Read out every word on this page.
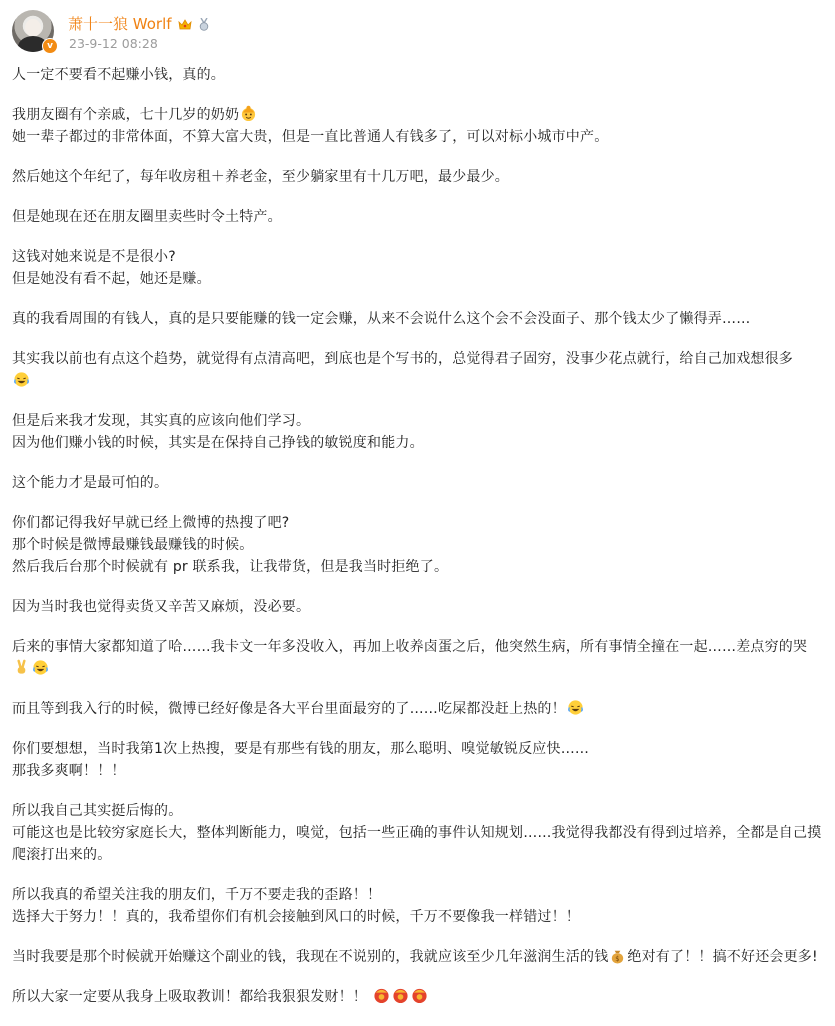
v
萧十一狼 Worlf
23-9-12 08:28
人一定不要看不起赚小钱，真的。
我朋友圈有个亲戚，七十几岁的奶奶
她一辈子都过的非常体面，不算大富大贵，但是一直比普通人有钱多了，可以对标小城市中产。
然后她这个年纪了，每年收房租＋养老金，至少躺家里有十几万吧，最少最少。
但是她现在还在朋友圈里卖些时令土特产。
这钱对她来说是不是很小?
但是她没有看不起，她还是赚。
真的我看周围的有钱人，真的是只要能赚的钱一定会赚，从来不会说什么这个会不会没面子、那个钱太少了懒得弄……
其实我以前也有点这个趋势，就觉得有点清高吧，到底也是个写书的，总觉得君子固穷，没事少花点就行，给自己加戏想很多

但是后来我才发现，其实真的应该向他们学习。
因为他们赚小钱的时候，其实是在保持自己挣钱的敏锐度和能力。
这个能力才是最可怕的。
你们都记得我好早就已经上微博的热搜了吧?
那个时候是微博最赚钱最赚钱的时候。
然后我后台那个时候就有 pr 联系我，让我带货，但是我当时拒绝了。
因为当时我也觉得卖货又辛苦又麻烦，没必要。
后来的事情大家都知道了哈……我卡文一年多没收入，再加上收养卤蛋之后，他突然生病，所有事情全撞在一起……差点穷的哭

而且等到我入行的时候，微博已经好像是各大平台里面最穷的了……吃屎都没赶上热的！
你们要想想，当时我第1次上热搜，要是有那些有钱的朋友，那么聪明、嗅觉敏锐反应快……
那我多爽啊！！！
所以我自己其实挺后悔的。
可能这也是比较穷家庭长大，整体判断能力，嗅觉，包括一些正确的事件认知规划……我觉得我都没有得到过培养，全都是自己摸爬滚打出来的。
所以我真的希望关注我的朋友们，千万不要走我的歪路！！
选择大于努力！！真的，我希望你们有机会接触到风口的时候，千万不要像我一样错过！！
当时我要是那个时候就开始赚这个副业的钱，我现在不说别的，我就应该至少几年滋润生活的钱 $ 绝对有了！！搞不好还会更多!
所以大家一定要从我身上吸取教训！都给我狠狠发财！！
